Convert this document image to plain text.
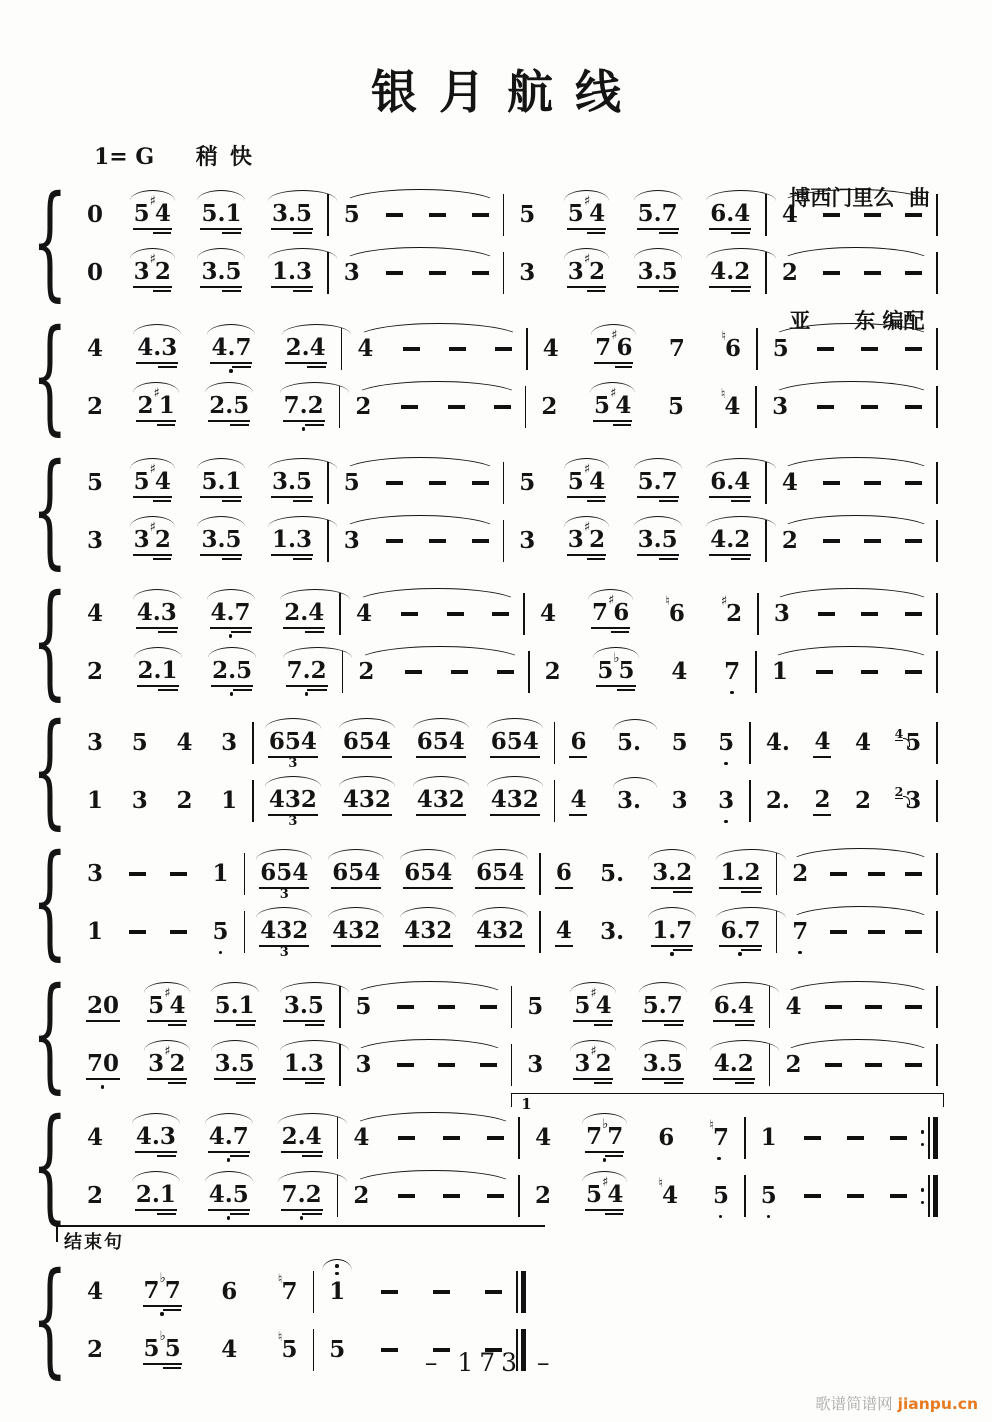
银月航线

博西门里么  曲

亚      东 编配

1= G 稍快
{ 0 5♯4 5.1 3.5 5	5 5♯4 5.7 6.4 4
0 3♯2 3.5 1.3 3	3 3♯2 3.5 4.2 2
{ 4 4.3 4.7 2.4 4	4 7♯6 7	♮6 5
2 2♯1 2.5 7.2 2	2 5♯4 5	♮4 3
{ 5 5♯4 5.1 3.5 5	5 5♯4 5.7 6.4 4
3 3♯2 3.5 1.3 3	3 3♯2 3.5 4.2 2
{ 4 4.3 4.7 2.4 4	4 7♯6	♮6	♯2 3
2 2.1 2.5 7.2 2	2 5♭5 4 7 1
{ 3 5 4 3 654
3
654 654 654 6 5. 5 5 4. 4 4 4 5
1 3 2 1 432
3
432 432 432 4 3. 3 3 2. 2 2 2 3
{ 3	1 654
3
654 654 654 6 5. 3.2 1.2 2
1	5 432
3
432 432 432 4 3. 1.7 6.7 7
{ 20 5♯4 5.1 3.5 5	5 5♯4 5.7 6.4 4
70 3♯2 3.5 1.3 3	3 3♯2 3.5 4.2 2
1
{ 4 4.3 4.7 2.4 4	4 7♭7 6	♮7 1
2 2.1 4.5 7.2 2	2 5♯4	♮4 5 5
{ 4 7♭7 6	♮7 1
2 5♭5 4	♮5 5
结束句
– 173 –
歌谱简谱网 jianpu.cn
